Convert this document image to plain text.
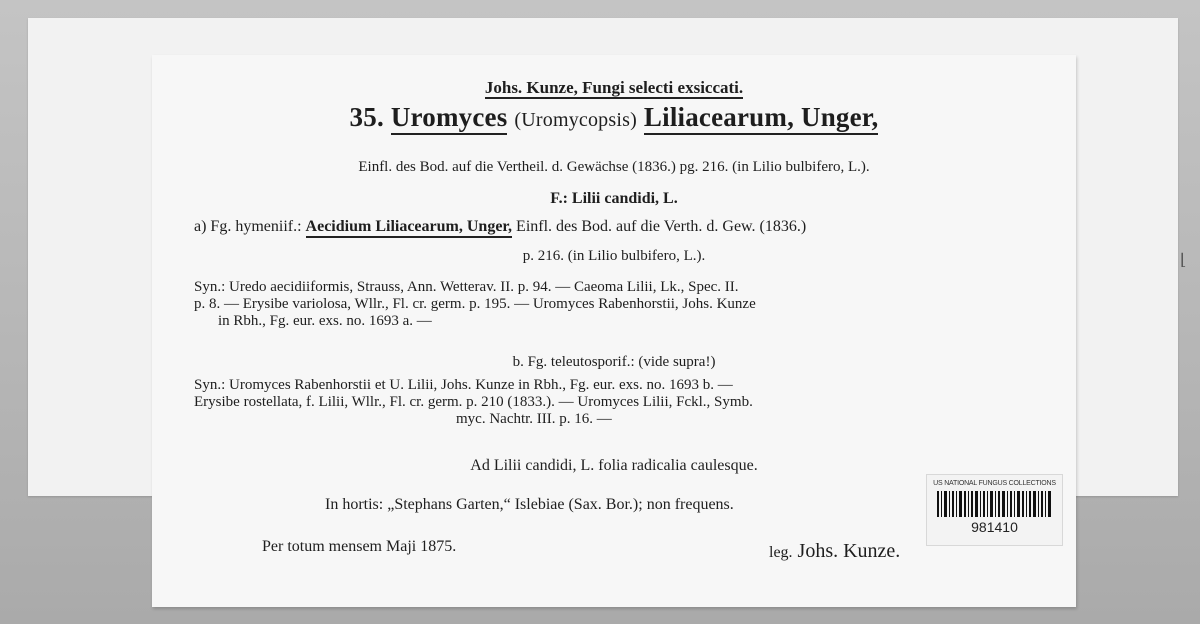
⌊
Johs. Kunze, Fungi selecti exsiccati.
35. Uromyces (Uromycopsis) Liliacearum, Unger,
Einfl. des Bod. auf die Vertheil. d. Gewächse (1836.) pg. 216. (in Lilio bulbifero, L.).
F.: Lilii candidi, L.
a) Fg. hymeniif.: Aecidium Liliacearum, Unger, Einfl. des Bod. auf die Verth. d. Gew. (1836.)
p. 216. (in Lilio bulbifero, L.).
Syn.: Uredo aecidiiformis, Strauss, Ann. Wetterav. II. p. 94. — Caeoma Lilii, Lk., Spec. II.
p. 8. — Erysibe variolosa, Wllr., Fl. cr. germ. p. 195. — Uromyces Rabenhorstii, Johs. Kunze
in Rbh., Fg. eur. exs. no. 1693 a. —
b. Fg. teleutosporif.: (vide supra!)
Syn.: Uromyces Rabenhorstii et U. Lilii, Johs. Kunze in Rbh., Fg. eur. exs. no. 1693 b. —
Erysibe rostellata, f. Lilii, Wllr., Fl. cr. germ. p. 210 (1833.). — Uromyces Lilii, Fckl., Symb.
myc. Nachtr. III. p. 16. —
Ad Lilii candidi, L. folia radicalia caulesque.
In hortis: „Stephans Garten,“ Islebiae (Sax. Bor.); non frequens.
Per totum mensem Maji 1875.	leg. Johs. Kunze.
US NATIONAL FUNGUS COLLECTIONS
981410
